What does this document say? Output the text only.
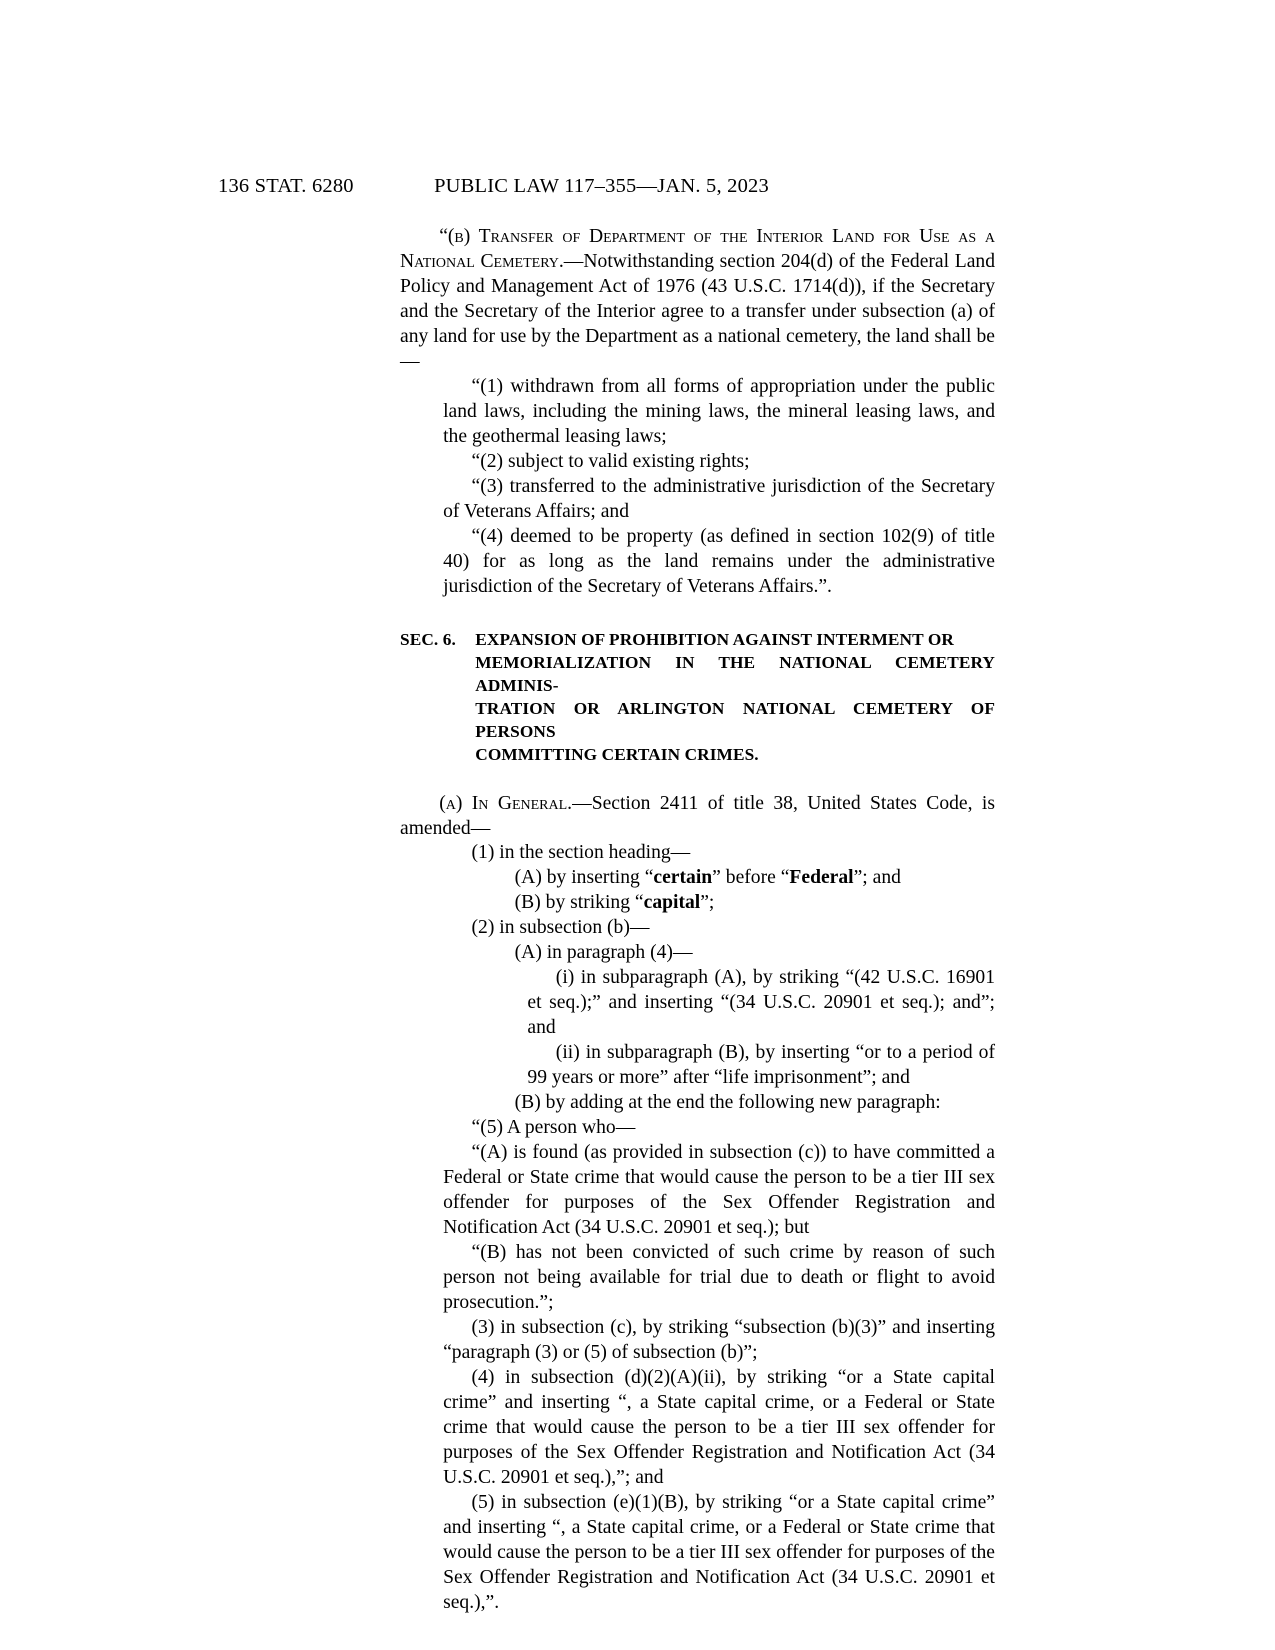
136 STAT. 6280	PUBLIC LAW 117–355—JAN. 5, 2023

“(b) Transfer of Department of the Interior Land for Use as a National Cemetery.—Notwithstanding section 204(d) of the Federal Land Policy and Management Act of 1976 (43 U.S.C. 1714(d)), if the Secretary and the Secretary of the Interior agree to a transfer under subsection (a) of any land for use by the Department as a national cemetery, the land shall be—

“(1) withdrawn from all forms of appropriation under the public land laws, including the mining laws, the mineral leasing laws, and the geothermal leasing laws;

“(2) subject to valid existing rights;

“(3) transferred to the administrative jurisdiction of the Secretary of Veterans Affairs; and

“(4) deemed to be property (as defined in section 102(9) of title 40) for as long as the land remains under the administrative jurisdiction of the Secretary of Veterans Affairs.”.

SEC. 6. EXPANSION OF PROHIBITION AGAINST INTERMENT OR
MEMORIALIZATION IN THE NATIONAL CEMETERY ADMINIS-
TRATION OR ARLINGTON NATIONAL CEMETERY OF PERSONS
COMMITTING CERTAIN CRIMES.

(a) In General.—Section 2411 of title 38, United States Code, is amended—

(1) in the section heading—

(A) by inserting “certain” before “Federal”; and

(B) by striking “capital”;

(2) in subsection (b)—

(A) in paragraph (4)—

(i) in subparagraph (A), by striking “(42 U.S.C. 16901 et seq.);” and inserting “(34 U.S.C. 20901 et seq.); and”; and

(ii) in subparagraph (B), by inserting “or to a period of 99 years or more” after “life imprisonment”; and

(B) by adding at the end the following new paragraph:

“(5) A person who—

“(A) is found (as provided in subsection (c)) to have committed a Federal or State crime that would cause the person to be a tier III sex offender for purposes of the Sex Offender Registration and Notification Act (34 U.S.C. 20901 et seq.); but

“(B) has not been convicted of such crime by reason of such person not being available for trial due to death or flight to avoid prosecution.”;

(3) in subsection (c), by striking “subsection (b)(3)” and inserting “paragraph (3) or (5) of subsection (b)”;

(4) in subsection (d)(2)(A)(ii), by striking “or a State capital crime” and inserting “, a State capital crime, or a Federal or State crime that would cause the person to be a tier III sex offender for purposes of the Sex Offender Registration and Notification Act (34 U.S.C. 20901 et seq.),”; and

(5) in subsection (e)(1)(B), by striking “or a State capital crime” and inserting “, a State capital crime, or a Federal or State crime that would cause the person to be a tier III sex offender for purposes of the Sex Offender Registration and Notification Act (34 U.S.C. 20901 et seq.),”.
